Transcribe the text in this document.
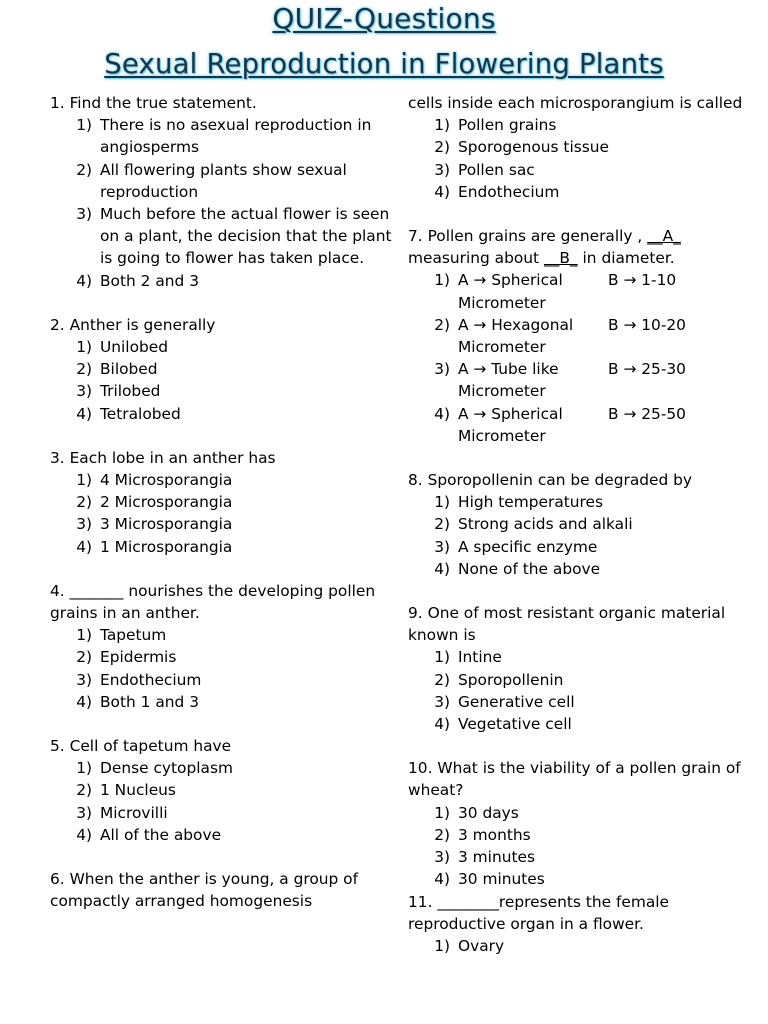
QUIZ-Questions
Sexual Reproduction in Flowering Plants
1. Find the true statement.
1) There is no asexual reproduction in angiosperms
2) All flowering plants show sexual reproduction
3) Much before the actual flower is seen on a plant, the decision that the plant is going to flower has taken place.
4) Both 2 and 3
2. Anther is generally
1) Unilobed
2) Bilobed
3) Trilobed
4) Tetralobed
3. Each lobe in an anther has
1) 4 Microsporangia
2) 2 Microsporangia
3) 3 Microsporangia
4) 1 Microsporangia
4. _______ nourishes the developing pollen grains in an anther.
1) Tapetum
2) Epidermis
3) Endothecium
4) Both 1 and 3
5. Cell of tapetum have
1) Dense cytoplasm
2) 1 Nucleus
3) Microvilli
4) All of the above
6. When the anther is young, a group of compactly arranged homogenesis
cells inside each microsporangium is called
1) Pollen grains
2) Sporogenous tissue
3) Pollen sac
4) Endothecium
7. Pollen grains are generally , __A_ measuring about __B_ in diameter.
1) A → Spherical	B → 1-10
Micrometer
2) A → Hexagonal B → 10-20
Micrometer
3) A → Tube like	B → 25-30
Micrometer
4) A → Spherical	B → 25-50
Micrometer
8. Sporopollenin can be degraded by
1) High temperatures
2) Strong acids and alkali
3) A specific enzyme
4) None of the above
9. One of most resistant organic material known is
1) Intine
2) Sporopollenin
3) Generative cell
4) Vegetative cell
10. What is the viability of a pollen grain of wheat?
1) 30 days
2) 3 months
3) 3 minutes
4) 30 minutes
11. ________represents the female reproductive organ in a flower.
1) Ovary
